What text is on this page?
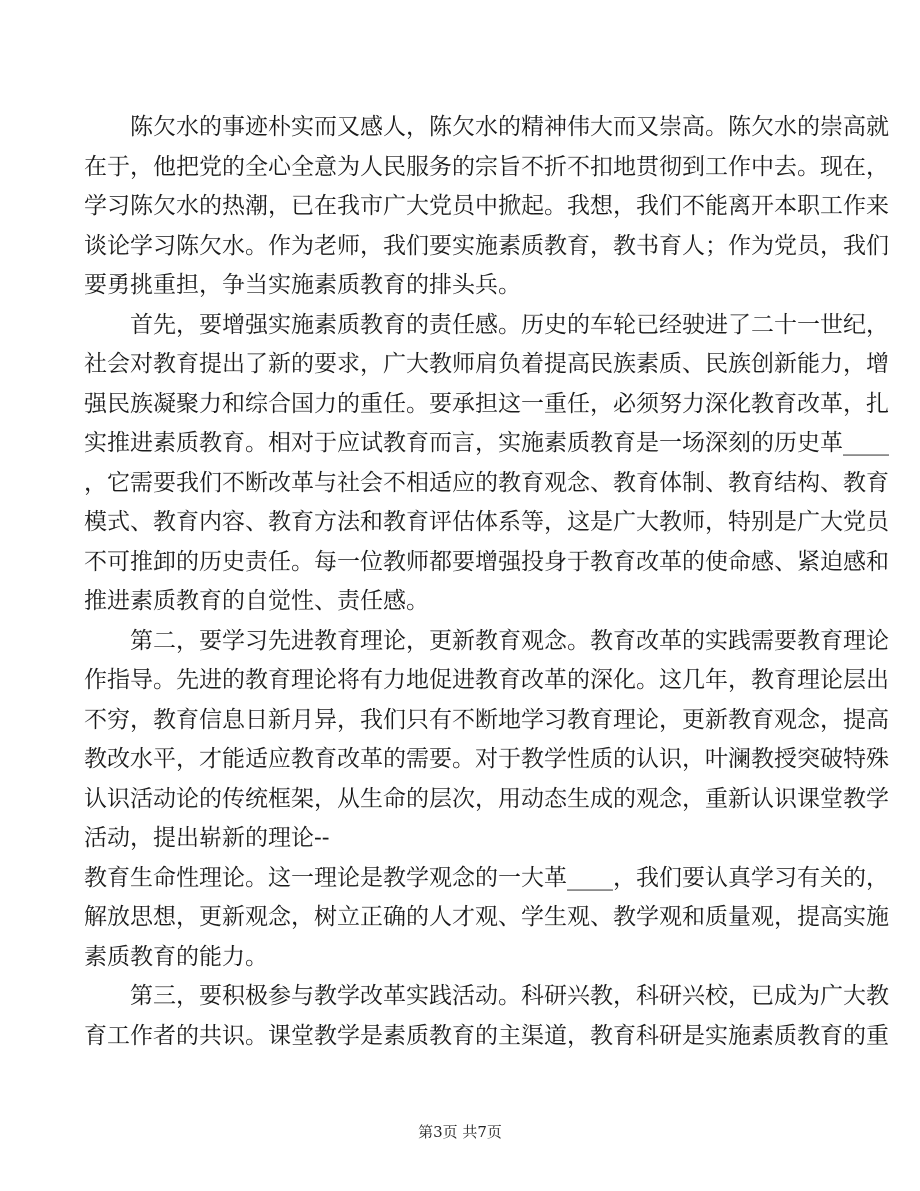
陈欠水的事迹朴实而又感人，陈欠水的精神伟大而又崇高。陈欠水的崇高就
在于，他把党的全心全意为人民服务的宗旨不折不扣地贯彻到工作中去。现在，
学习陈欠水的热潮，已在我市广大党员中掀起。我想，我们不能离开本职工作来
谈论学习陈欠水。作为老师，我们要实施素质教育，教书育人；作为党员，我们
要勇挑重担，争当实施素质教育的排头兵。
首先，要增强实施素质教育的责任感。历史的车轮已经驶进了二十一世纪，
社会对教育提出了新的要求，广大教师肩负着提高民族素质、民族创新能力，增
强民族凝聚力和综合国力的重任。要承担这一重任，必须努力深化教育改革，扎
实推进素质教育。相对于应试教育而言，实施素质教育是一场深刻的历史革____
，它需要我们不断改革与社会不相适应的教育观念、教育体制、教育结构、教育
模式、教育内容、教育方法和教育评估体系等，这是广大教师，特别是广大党员
不可推卸的历史责任。每一位教师都要增强投身于教育改革的使命感、紧迫感和
推进素质教育的自觉性、责任感。
第二，要学习先进教育理论，更新教育观念。教育改革的实践需要教育理论
作指导。先进的教育理论将有力地促进教育改革的深化。这几年，教育理论层出
不穷，教育信息日新月异，我们只有不断地学习教育理论，更新教育观念，提高
教改水平，才能适应教育改革的需要。对于教学性质的认识，叶澜教授突破特殊
认识活动论的传统框架，从生命的层次，用动态生成的观念，重新认识课堂教学
活动，提出崭新的理论--
教育生命性理论。这一理论是教学观念的一大革____，我们要认真学习有关的，
解放思想，更新观念，树立正确的人才观、学生观、教学观和质量观，提高实施
素质教育的能力。
第三，要积极参与教学改革实践活动。科研兴教，科研兴校，已成为广大教
育工作者的共识。课堂教学是素质教育的主渠道，教育科研是实施素质教育的重
第3页 共7页
